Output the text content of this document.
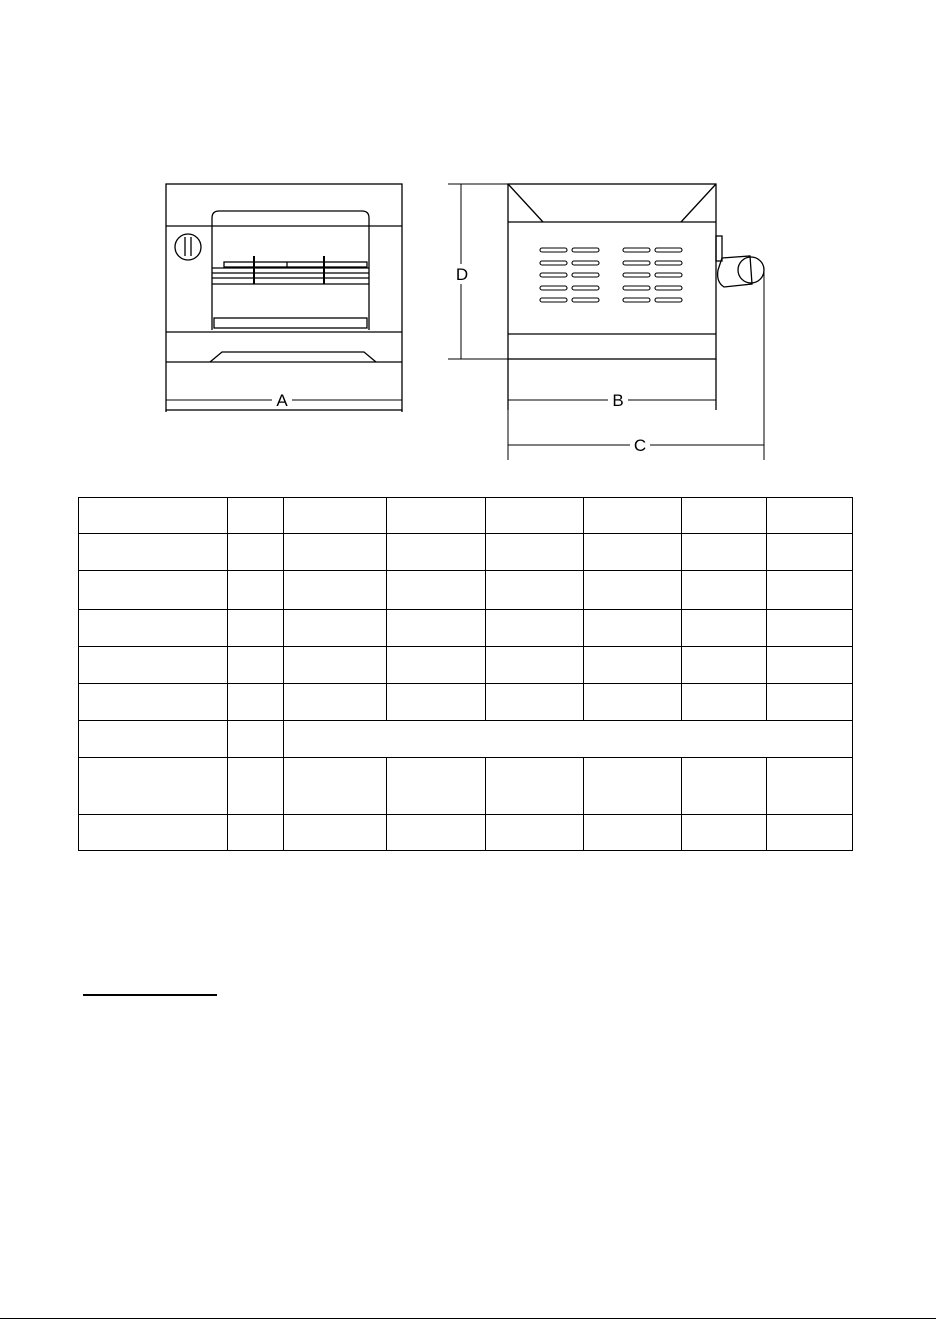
A	B
C
D
